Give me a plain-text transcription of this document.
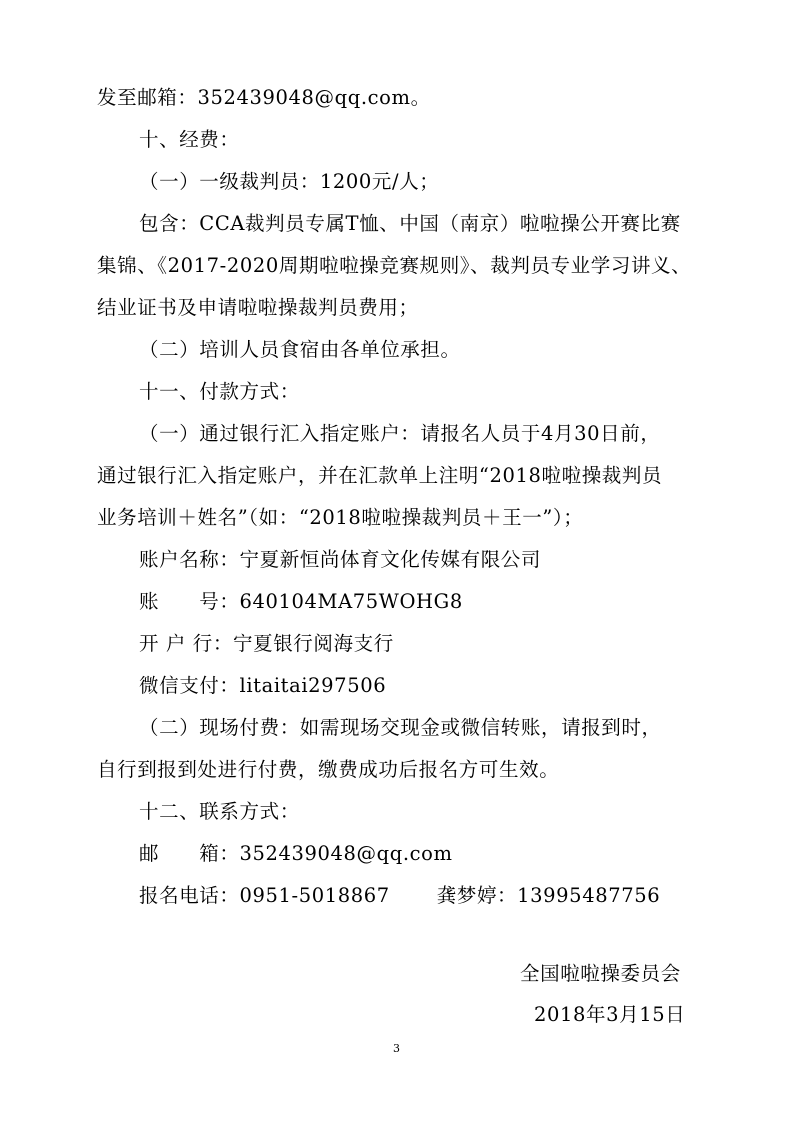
发至邮箱：352439048@qq.com。
十、经费：
（一）一级裁判员：1200元/人；
包含：CCA裁判员专属T恤、中国（南京）啦啦操公开赛比赛
集锦、《2017-2020周期啦啦操竞赛规则》、裁判员专业学习讲义、
结业证书及申请啦啦操裁判员费用；
（二）培训人员食宿由各单位承担。
十一、付款方式：
（一）通过银行汇入指定账户：请报名人员于4月30日前，
通过银行汇入指定账户，并在汇款单上注明“2018啦啦操裁判员
业务培训＋姓名”（如：“2018啦啦操裁判员＋王一”）；
账户名称：宁夏新恒尚体育文化传媒有限公司
账　　号：640104MA75WOHG8
开 户 行：宁夏银行阅海支行
微信支付：litaitai297506
（二）现场付费：如需现场交现金或微信转账，请报到时，
自行到报到处进行付费，缴费成功后报名方可生效。
十二、联系方式：
邮　　箱：352439048@qq.com
报名电话：0951-5018867　　 龚梦婷：13995487756
全国啦啦操委员会
2018年3月15日
3
